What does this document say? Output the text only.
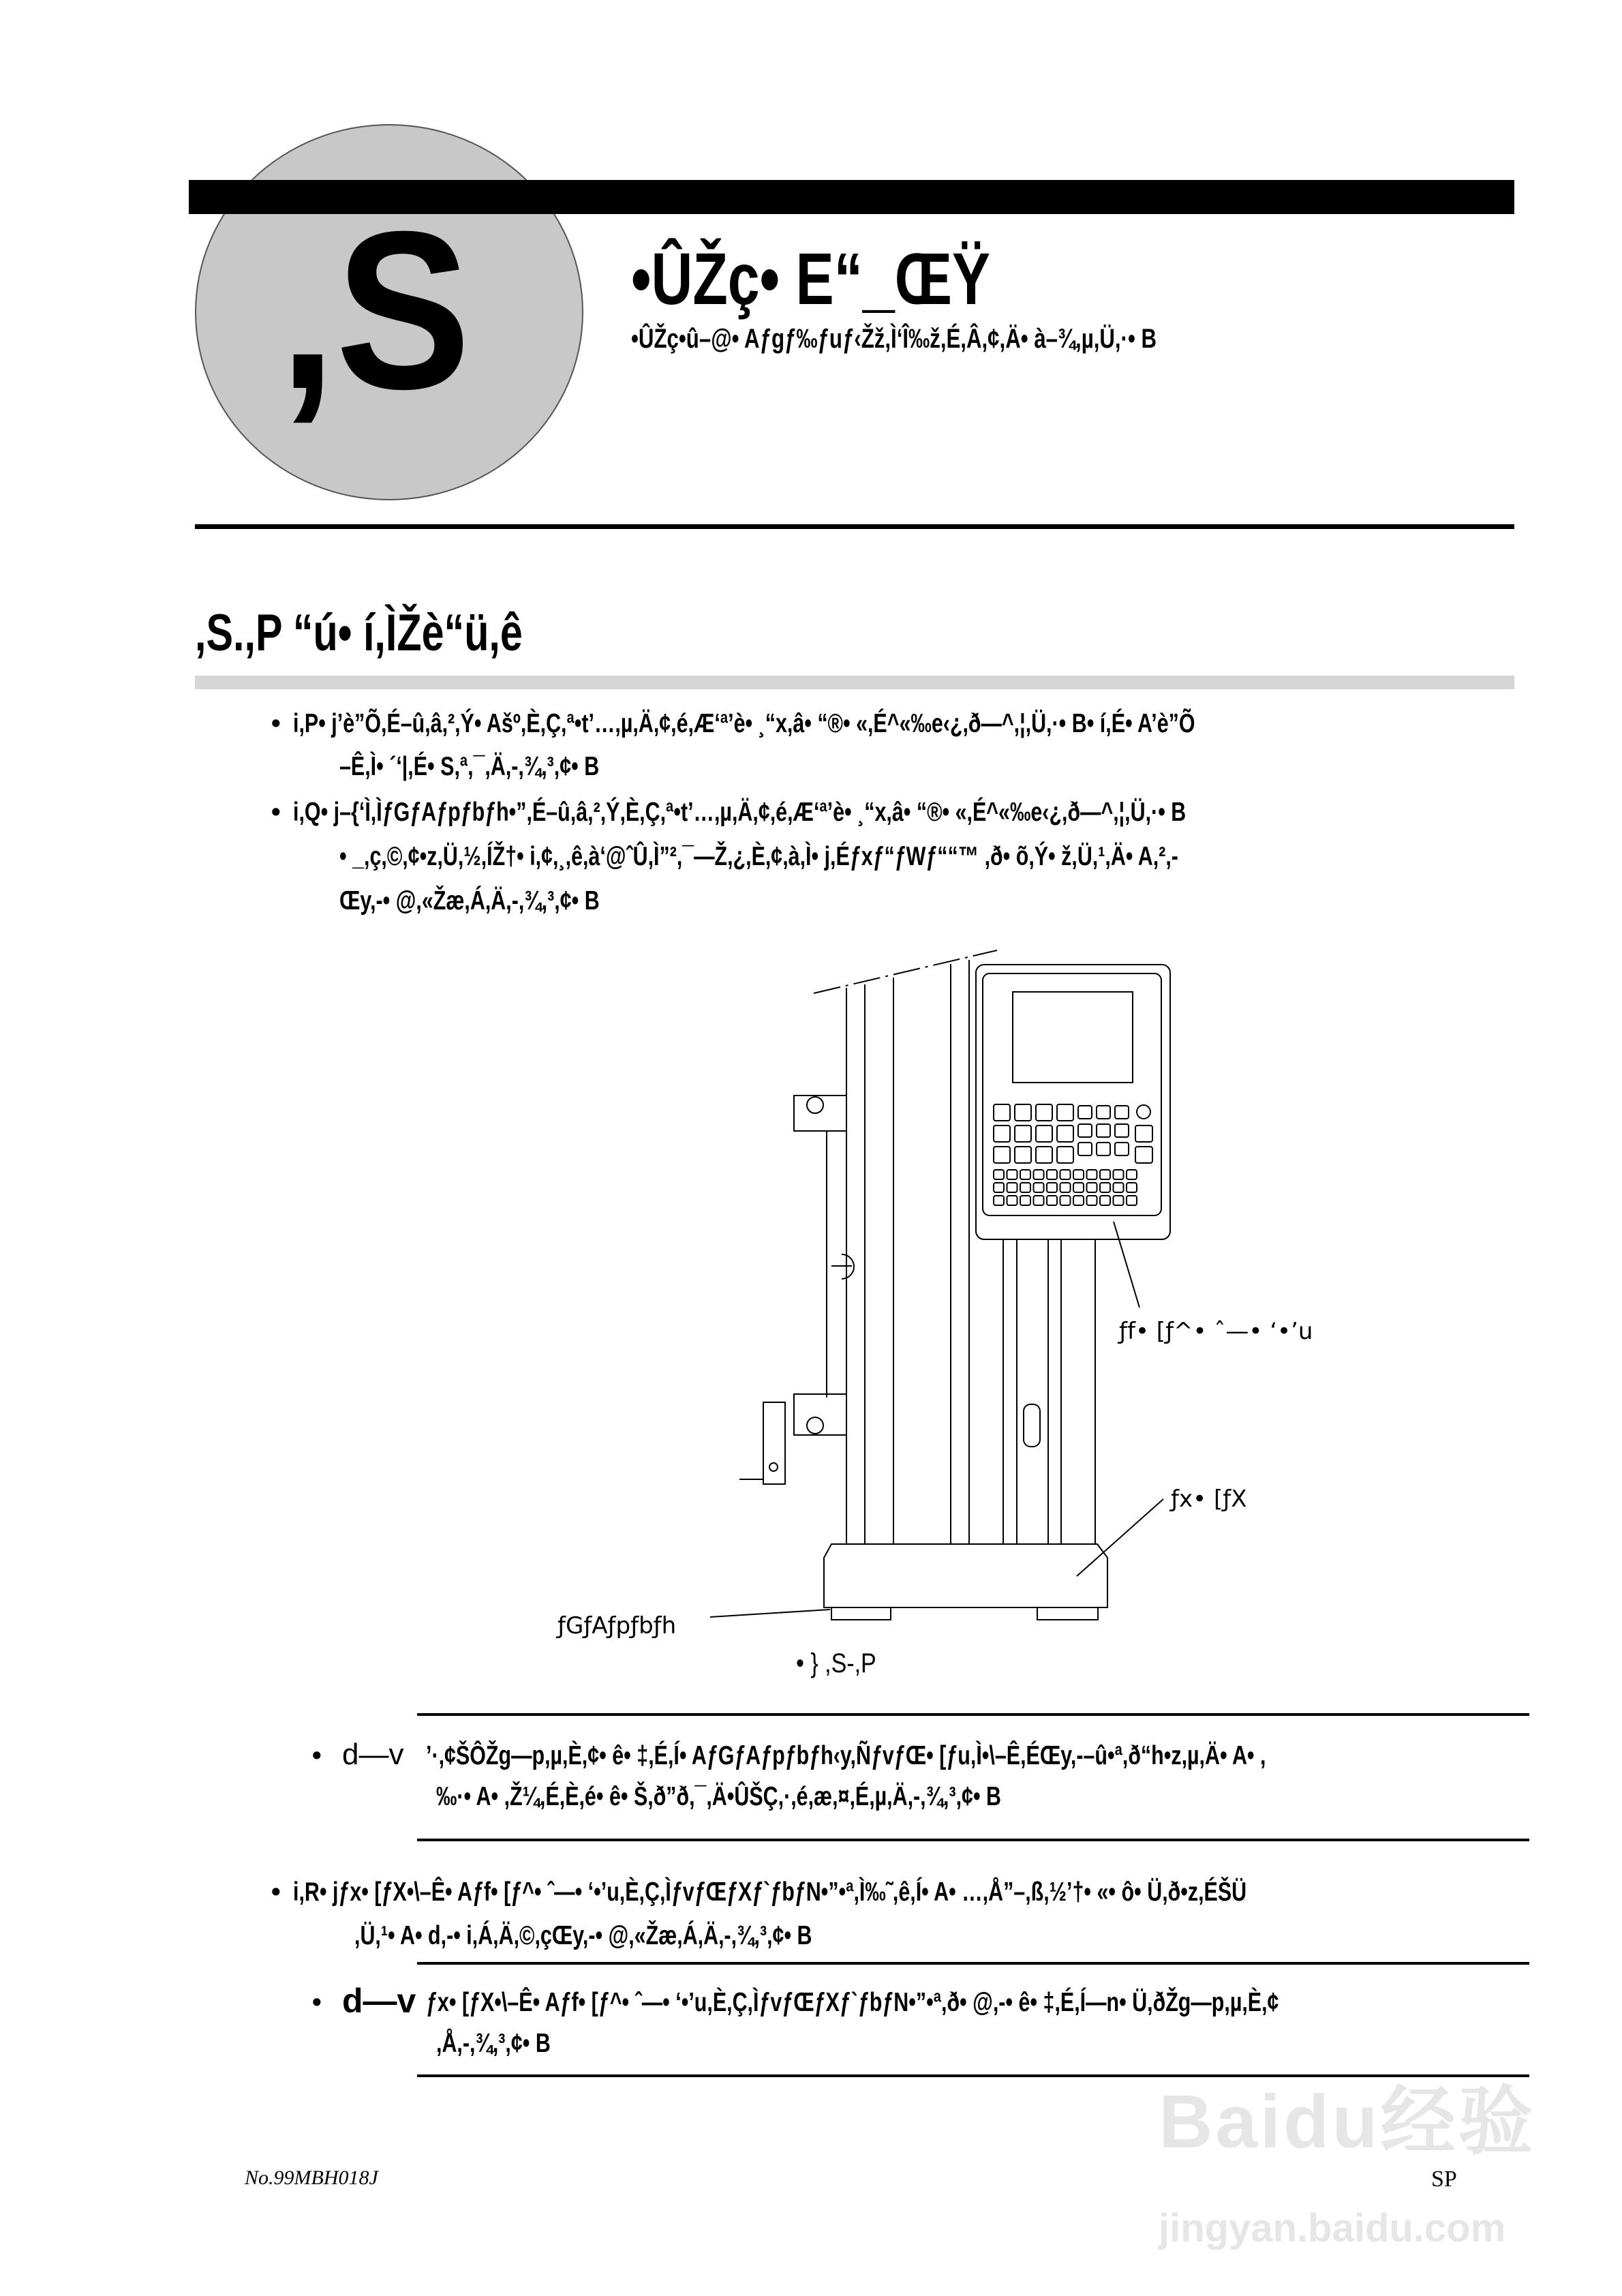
,S •ÛŽç• E“_ŒŸ
•ÛŽç•û–@• Aƒgƒ‰ƒuƒ‹Žž,Ì‘Î‰ž,É,Â,¢,Ä• à–¾,µ,Ü,·• B
,S.,P “ú• í,ÌŽè“ü,ê
• i,P• j’è”Õ,É–û,â,²,Ý• Ašº,È,Ç,ª•t’…,µ,Ä,¢,é,Æ‘ª’è• ¸“x,â• “®• «,É^«‰e‹¿,ð—^,¦,Ü,·• B• í,É• A’è”Õ
–Ê,Ì• ´‘|,É• S,ª,¯,Ä,-,¾,³,¢• B
• i,Q• j–{‘Ì,ÌƒGƒAƒpƒbƒh•”,É–û,â,²,Ý,È,Ç,ª•t’…,µ,Ä,¢,é,Æ‘ª’è• ¸“x,â• “®• «,É^«‰e‹¿,ð—^,¦,Ü,·• B
• _,ç,©,¢•z,Ü,½,ÍŽ†• i,¢,¸,ê,à‘@ˆÛ,Ì”²,¯—Ž,¿,È,¢,à,Ì• j,Éƒxƒ“ƒWƒ““™ ,ð• õ,Ý• ž,Ü,¹,Ä• A,²,-
Œy,-• @,«Žæ,Á,Ä,-,¾,³,¢• B
ƒf• [ƒ^• ˆ—• ‘•’u
ƒx• [ƒX
ƒGƒAƒpƒbƒh
• } ,S-,P
• d—v ’·,¢ŠÔŽg—p,µ,È,¢• ê• ‡,É,Í• AƒGƒAƒpƒbƒh‹y,ÑƒvƒŒ• [ƒu,Ì•\–Ê,ÉŒy,-–û•ª,ð“h•z,µ,Ä• A• ,
‰·• A• ,Ž¼,É,È,é• ê• Š,ð”ð,¯,Ä•ÛŠÇ,·,é,æ,¤,É,µ,Ä,-,¾,³,¢• B
• i,R• jƒx• [ƒX•\–Ê• Aƒf• [ƒ^• ˆ—• ‘•’u,È,Ç,ÌƒvƒŒƒXƒ`ƒbƒN•”•ª,Ì‰˜,ê,Í• A• …,Å”–,ß,½’†• «• ô• Ü,ð•z,ÉŠÜ
,Ü,¹• A• d,-• i,Á,Ä,©,çŒy,-• @,«Žæ,Á,Ä,-,¾,³,¢• B
• d—v ƒx• [ƒX•\–Ê• Aƒf• [ƒ^• ˆ—• ‘•’u,È,Ç,ÌƒvƒŒƒXƒ`ƒbƒN•”•ª,ð• @,-• ê• ‡,É,Í—n• Ü,ðŽg—p,µ,È,¢
,Å,-,¾,³,¢• B
Baidu经验
jingyan.baidu.com
No.99MBH018J	SP
